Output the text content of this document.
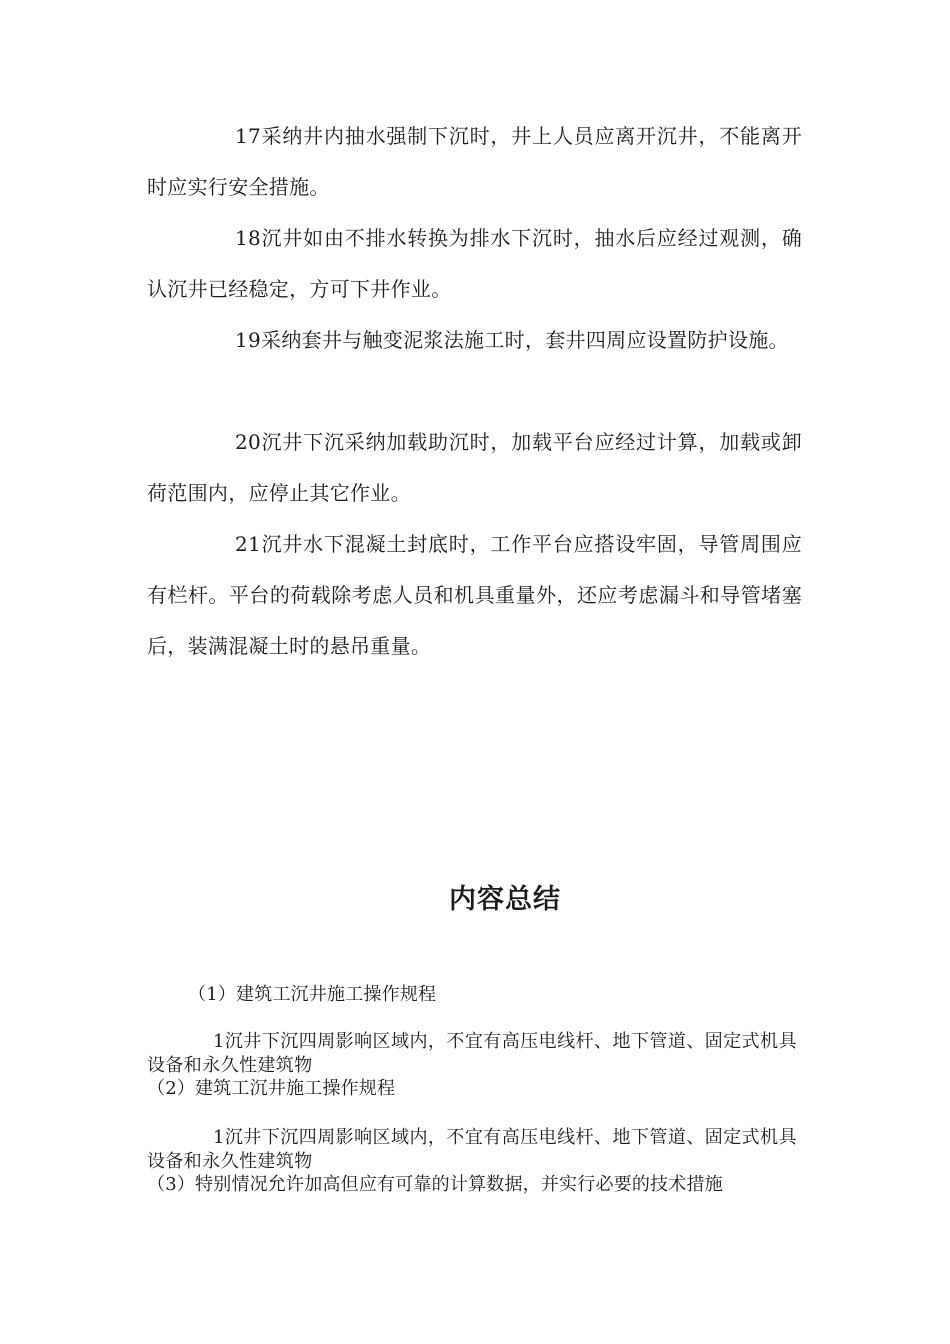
17采纳井内抽水强制下沉时，井上人员应离开沉井，不能离开时应实行安全措施。

18沉井如由不排水转换为排水下沉时，抽水后应经过观测，确认沉井已经稳定，方可下井作业。

19采纳套井与触变泥浆法施工时，套井四周应设置防护设施。

20沉井下沉采纳加载助沉时，加载平台应经过计算，加载或卸荷范围内，应停止其它作业。

21沉井水下混凝土封底时，工作平台应搭设牢固，导管周围应有栏杆。平台的荷载除考虑人员和机具重量外，还应考虑漏斗和导管堵塞后，装满混凝土时的悬吊重量。

内容总结

（1）建筑工沉井施工操作规程

1沉井下沉四周影响区域内，不宜有高压电线杆、地下管道、固定式机具设备和永久性建筑物

（2）建筑工沉井施工操作规程

1沉井下沉四周影响区域内，不宜有高压电线杆、地下管道、固定式机具设备和永久性建筑物

（3）特别情况允许加高但应有可靠的计算数据，并实行必要的技术措施
